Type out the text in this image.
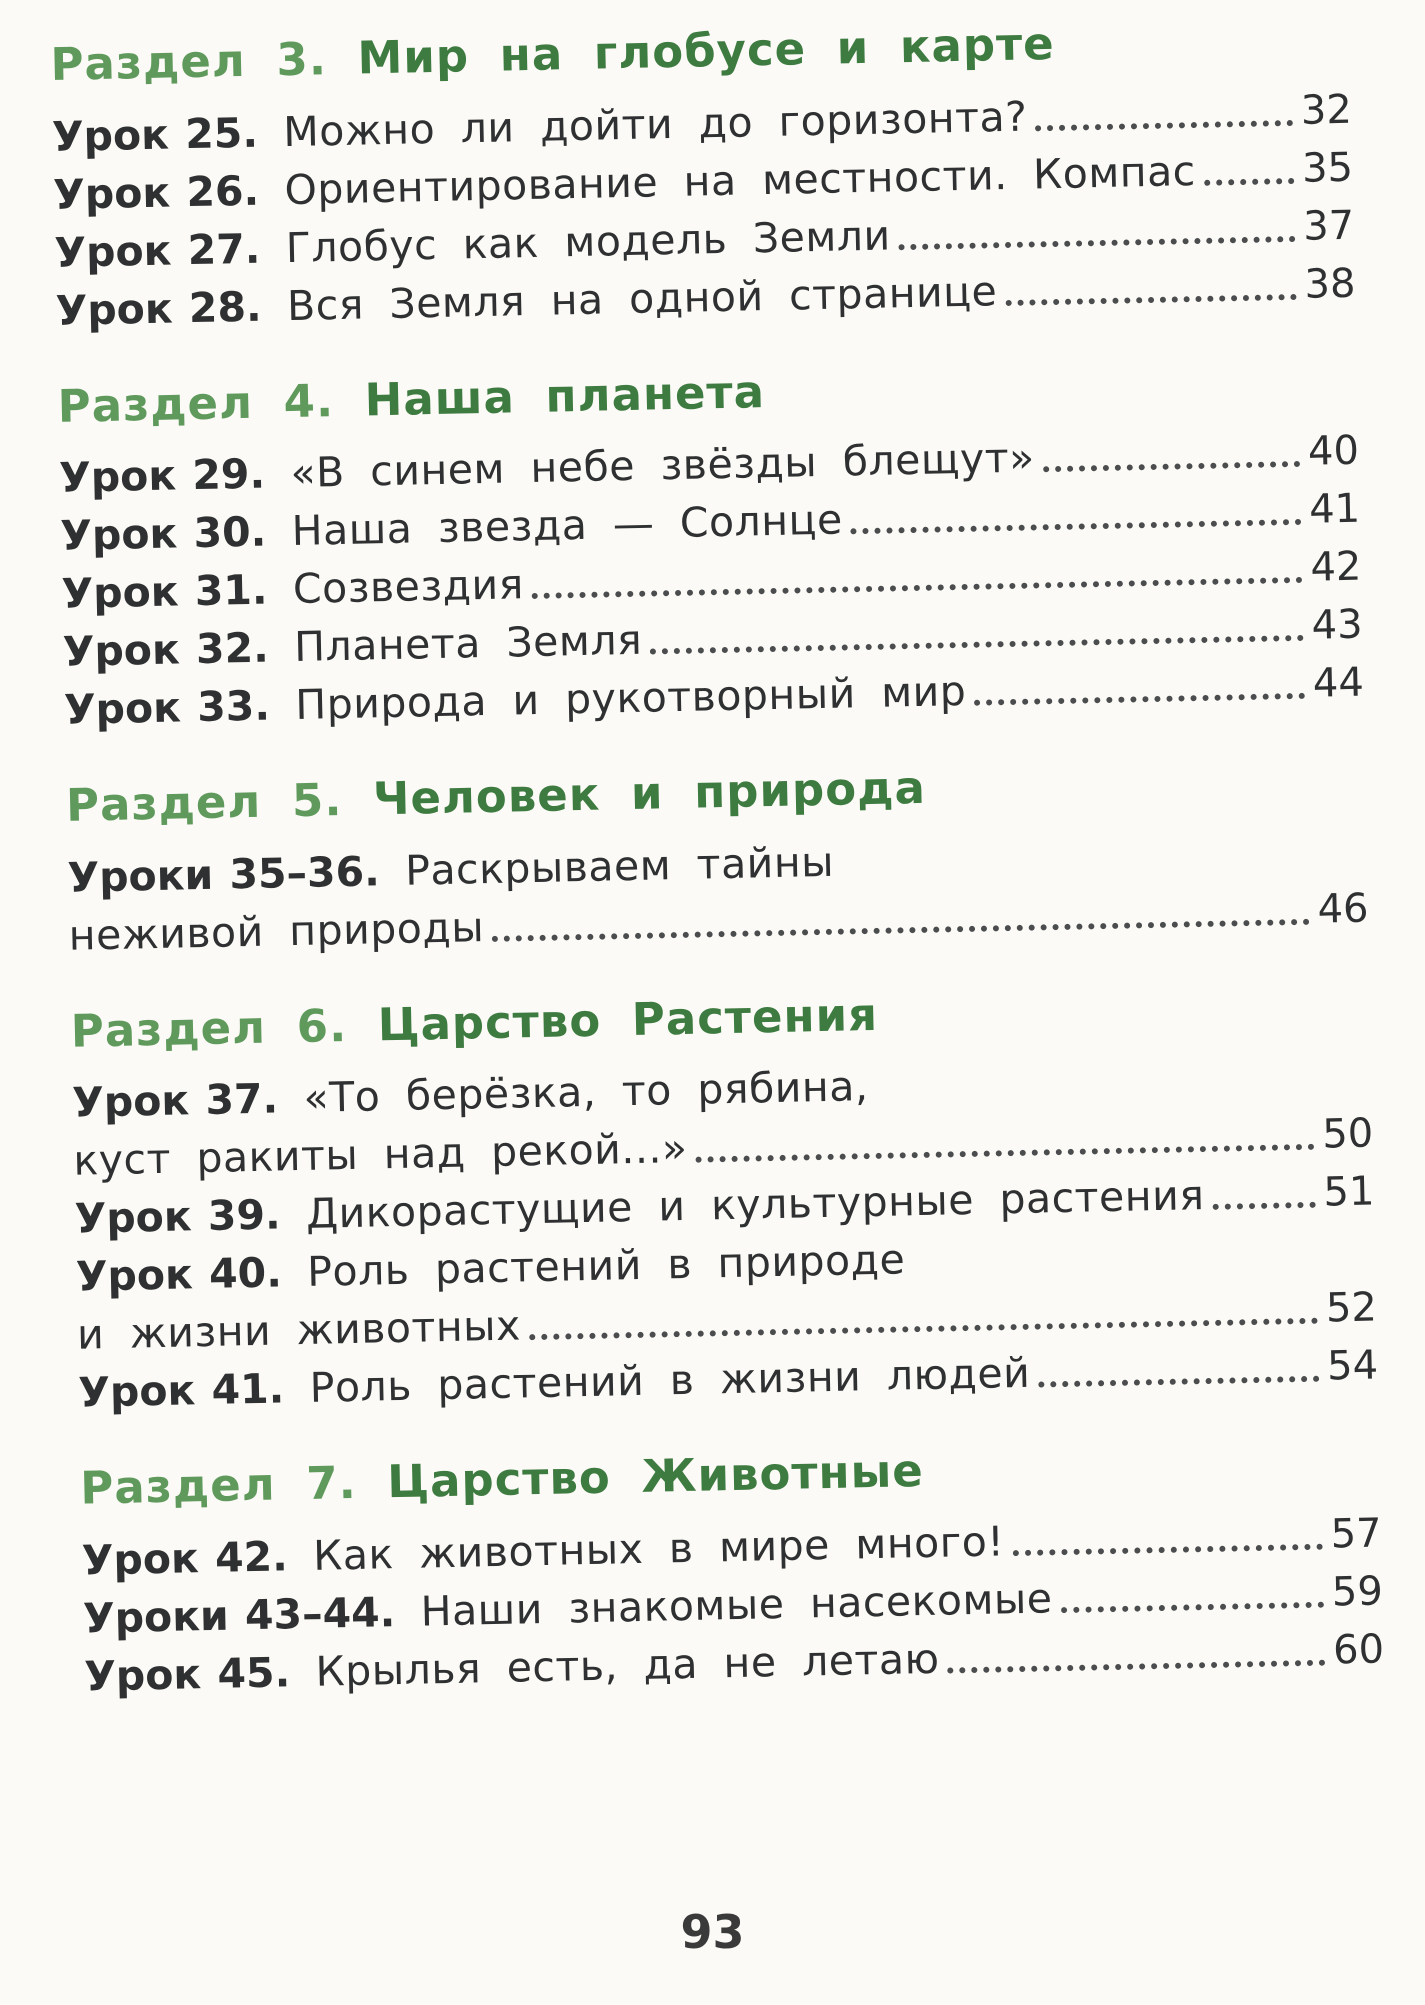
Раздел 3. Мир на глобусе и карте
Урок 25. Можно ли дойти до горизонта?	32
Урок 26. Ориентирование на местности. Компас	35
Урок 27. Глобус как модель Земли	37
Урок 28. Вся Земля на одной странице	38
Раздел 4. Наша планета
Урок 29. «В синем небе звёзды блещут»	40
Урок 30. Наша звезда — Солнце	41
Урок 31. Созвездия	42
Урок 32. Планета Земля	43
Урок 33. Природа и рукотворный мир	44
Раздел 5. Человек и природа
Уроки 35–36. Раскрываем тайны
неживой природы	46
Раздел 6. Царство Растения
Урок 37. «То берёзка, то рябина,
куст ракиты над рекой...»	50
Урок 39. Дикорастущие и культурные растения	51
Урок 40. Роль растений в природе
и жизни животных	52
Урок 41. Роль растений в жизни людей	54
Раздел 7. Царство Животные
Урок 42. Как животных в мире много!	57
Уроки 43–44. Наши знакомые насекомые	59
Урок 45. Крылья есть, да не летаю	60
93
